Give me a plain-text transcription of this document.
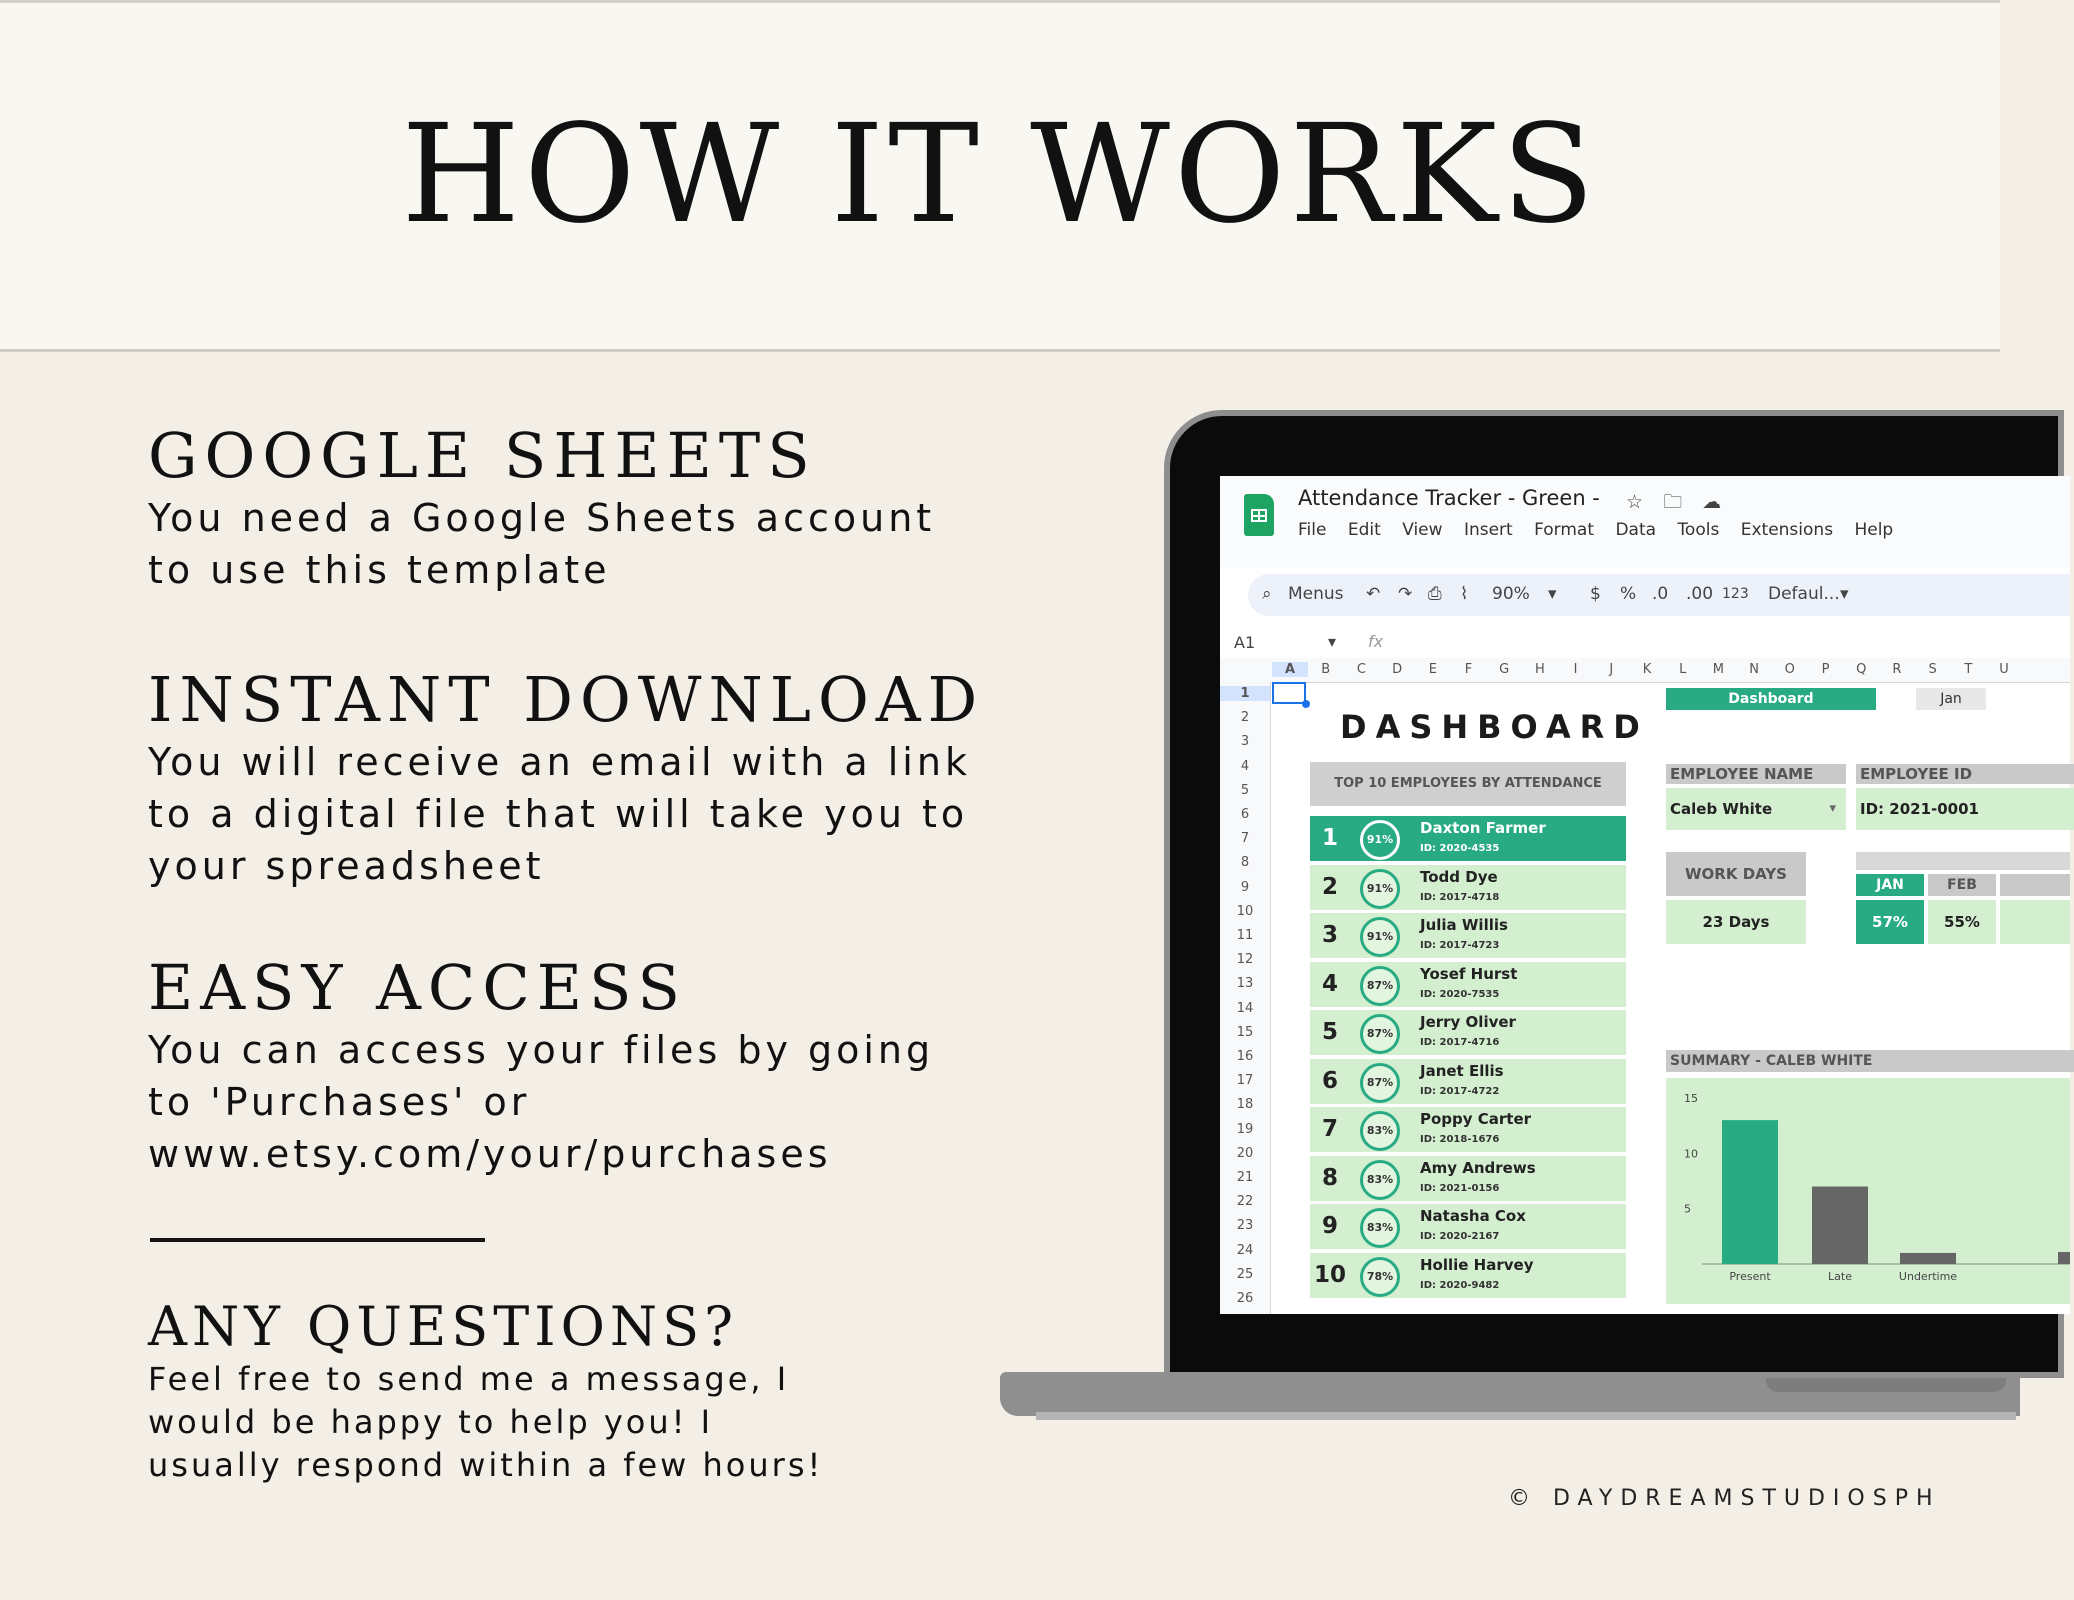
HOW IT WORKS
GOOGLE SHEETS

You need a Google Sheets account

to use this template

INSTANT DOWNLOAD

You will receive an email with a link

to a digital file that will take you to

your spreadsheet

EASY ACCESS

You can access your files by going

to 'Purchases' or

www.etsy.com/your/purchases

ANY QUESTIONS?

Feel free to send me a message, I

would be happy to help you! I

usually respond within a few hours!

© DAYDREAMSTUDIOSPH
Attendance Tracker - Green - ☆ 🗀 ☁
File Edit View Insert Format Data Tools Extensions Help
⌕ Menus ↶ ↷ ⎙ ⌇ 90% ▾ $ % .0 .00 123 Defaul... ▾
A1	▾ fx
A	B	C	D	E	F	G	H	I	J	K	L	M	N	O	P	Q	R	S	T	U
1
2
3
4
5
6
7
8
9
10
11
12
13
14
15
16
17
18
19
20
21
22
23
24
25
26
DASHBOARD
Dashboard	Jan
TOP 10 EMPLOYEES BY ATTENDANCE
1	91%
Daxton Farmer
ID: 2020-4535
2	91%
Todd Dye
ID: 2017-4718
3	91%
Julia Willis
ID: 2017-4723
4	87%
Yosef Hurst
ID: 2020-7535
5	87%
Jerry Oliver
ID: 2017-4716
6	87%
Janet Ellis
ID: 2017-4722
7	83%
Poppy Carter
ID: 2018-1676
8	83%
Amy Andrews
ID: 2021-0156
9	83%
Natasha Cox
ID: 2020-2167
10	78%
Hollie Harvey
ID: 2020-9482
EMPLOYEE NAME
Caleb White	▾
EMPLOYEE ID
ID: 2021-0001
WORK DAYS
23 Days
JAN	FEB
57%	55%
SUMMARY - CALEB WHITE
15
10
5
Present	Late	Undertime
